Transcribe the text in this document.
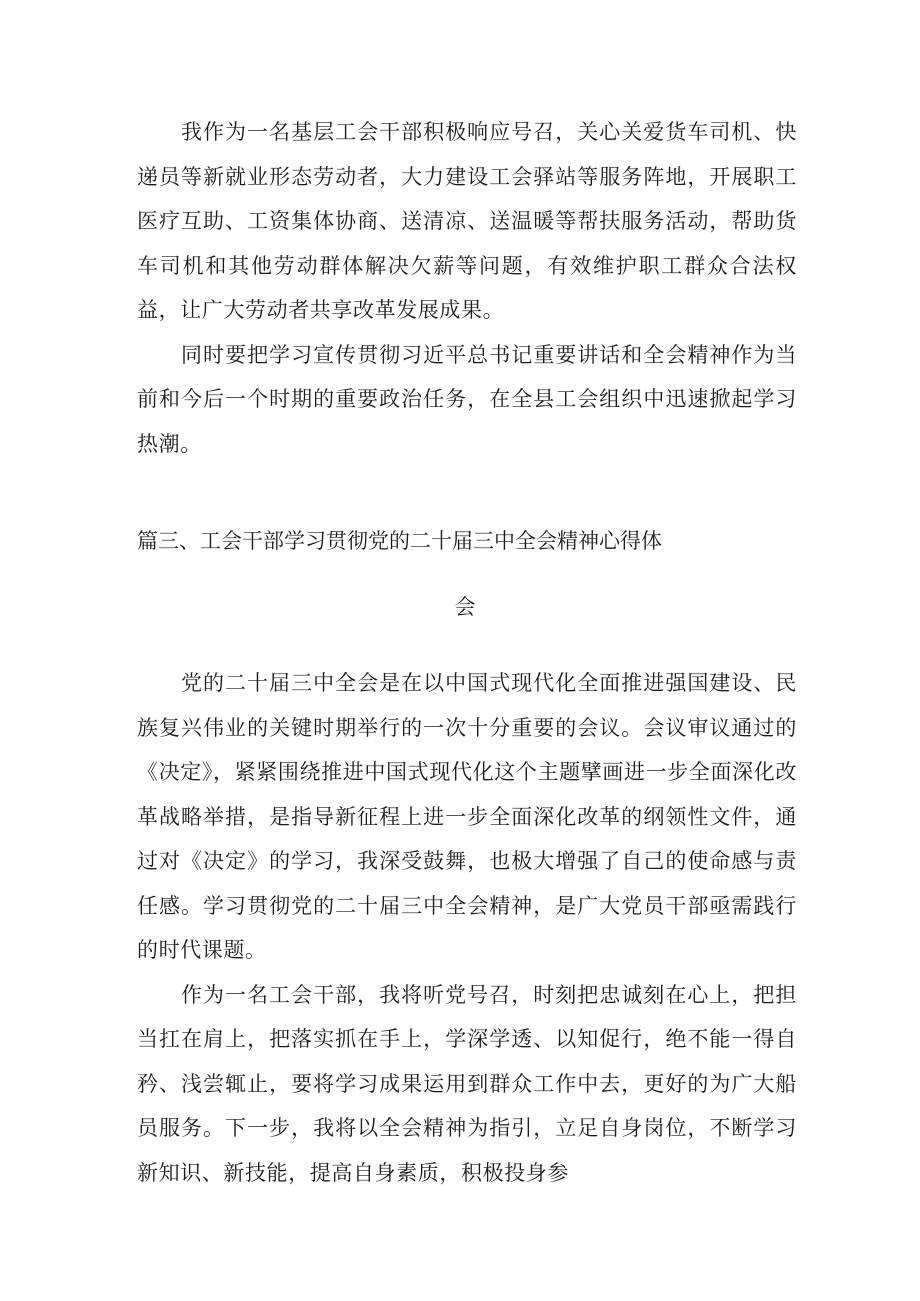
我作为一名基层工会干部积极响应号召，关心关爱货车司机、快递员等新就业形态劳动者，大力建设工会驿站等服务阵地，开展职工医疗互助、工资集体协商、送清凉、送温暖等帮扶服务活动，帮助货车司机和其他劳动群体解决欠薪等问题，有效维护职工群众合法权益，让广大劳动者共享改革发展成果。

同时要把学习宣传贯彻习近平总书记重要讲话和全会精神作为当前和今后一个时期的重要政治任务，在全县工会组织中迅速掀起学习热潮。

篇三、工会干部学习贯彻党的二十届三中全会精神心得体
会

党的二十届三中全会是在以中国式现代化全面推进强国建设、民族复兴伟业的关键时期举行的一次十分重要的会议。会议审议通过的《决定》，紧紧围绕推进中国式现代化这个主题擘画进一步全面深化改革战略举措，是指导新征程上进一步全面深化改革的纲领性文件，通过对《决定》的学习，我深受鼓舞，也极大增强了自己的使命感与责任感。学习贯彻党的二十届三中全会精神，是广大党员干部亟需践行的时代课题。

作为一名工会干部，我将听党号召，时刻把忠诚刻在心上，把担当扛在肩上，把落实抓在手上，学深学透、以知促行，绝不能一得自矜、浅尝辄止，要将学习成果运用到群众工作中去，更好的为广大船员服务。下一步，我将以全会精神为指引，立足自身岗位，不断学习新知识、新技能，提高自身素质，积极投身参
